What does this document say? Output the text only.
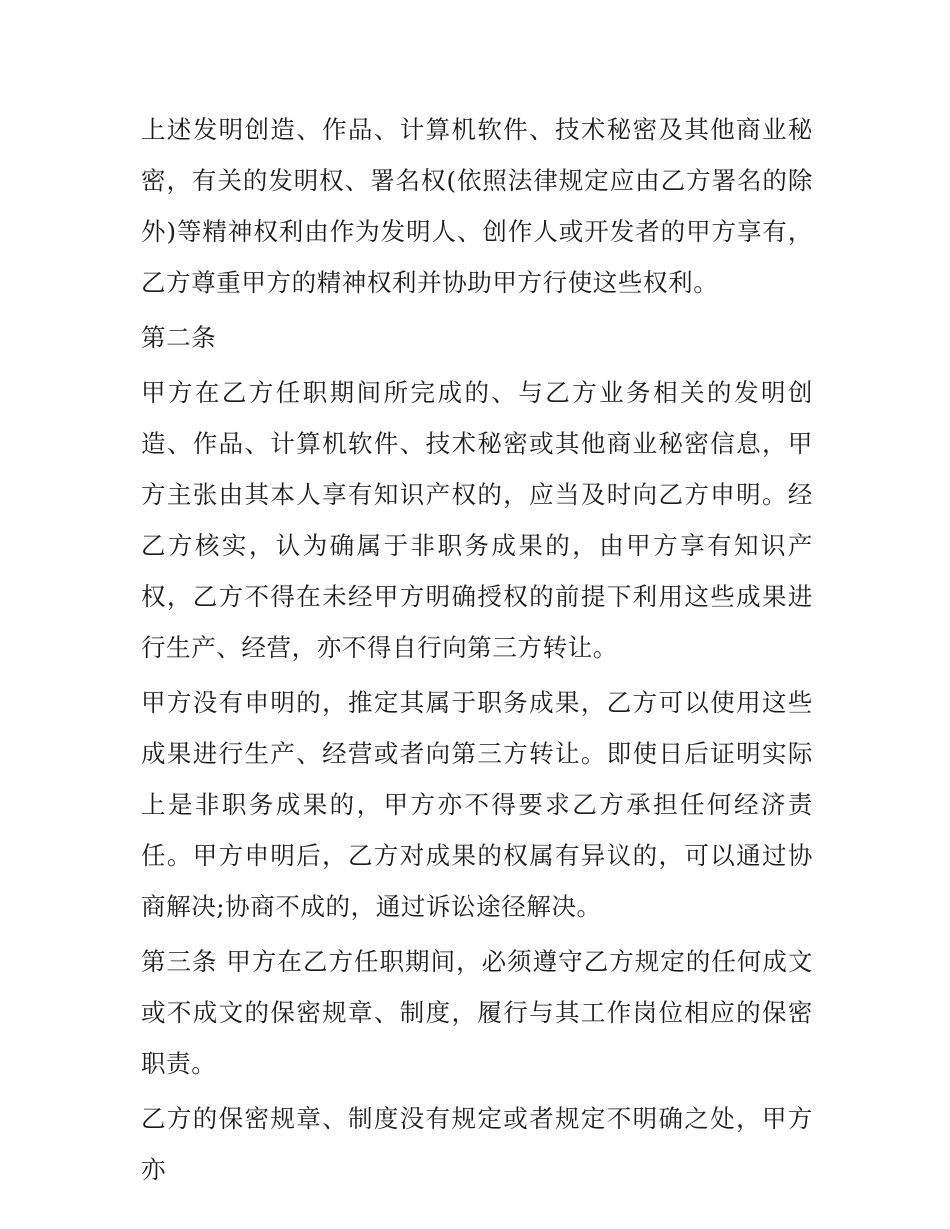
上述发明创造、作品、计算机软件、技术秘密及其他商业秘密，有关的发明权、署名权(依照法律规定应由乙方署名的除外)等精神权利由作为发明人、创作人或开发者的甲方享有，乙方尊重甲方的精神权利并协助甲方行使这些权利。

第二条

甲方在乙方任职期间所完成的、与乙方业务相关的发明创造、作品、计算机软件、技术秘密或其他商业秘密信息，甲方主张由其本人享有知识产权的，应当及时向乙方申明。经乙方核实，认为确属于非职务成果的，由甲方享有知识产权，乙方不得在未经甲方明确授权的前提下利用这些成果进行生产、经营，亦不得自行向第三方转让。

甲方没有申明的，推定其属于职务成果，乙方可以使用这些成果进行生产、经营或者向第三方转让。即使日后证明实际上是非职务成果的，甲方亦不得要求乙方承担任何经济责任。甲方申明后，乙方对成果的权属有异议的，可以通过协商解决;协商不成的，通过诉讼途径解决。

第三条 甲方在乙方任职期间，必须遵守乙方规定的任何成文或不成文的保密规章、制度，履行与其工作岗位相应的保密职责。

乙方的保密规章、制度没有规定或者规定不明确之处，甲方亦
